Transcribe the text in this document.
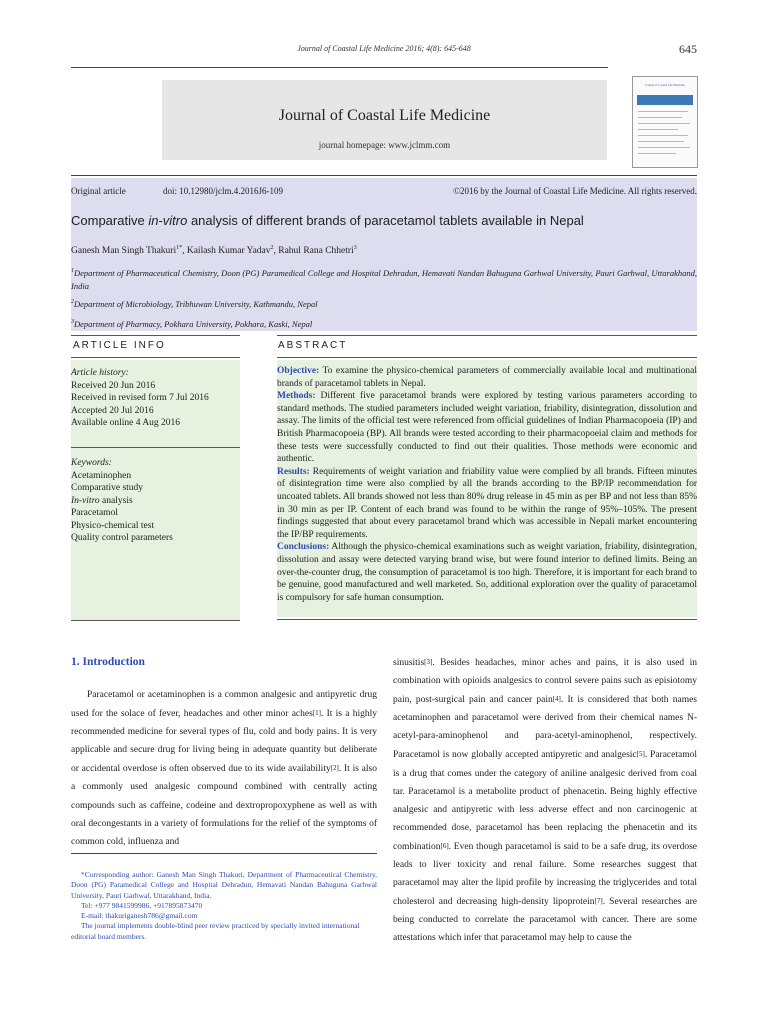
Journal of Coastal Life Medicine 2016; 4(8): 645-648	645
Journal of Coastal Life Medicine
journal homepage: www.jclmm.com
Journal of Coastal Life Medicine
Original article	doi: 10.12980/jclm.4.2016J6-109	©2016 by the Journal of Coastal Life Medicine. All rights reserved.
Comparative in-vitro analysis of different brands of paracetamol tablets available in Nepal
Ganesh Man Singh Thakuri$^{1*}$, Kailash Kumar Yadav$^2$, Rahul Rana Chhetri$^3$
$^1$Department of Pharmaceutical Chemistry, Doon (PG) Paramedical College and Hospital Dehradun, Hemavati Nandan Bahuguna Garhwal University, Pauri Garhwal, Uttarakhand, India
$^2$Department of Microbiology, Tribhuwan University, Kathmandu, Nepal
$^3$Department of Pharmacy, Pokhara University, Pokhara, Kaski, Nepal
ARTICLE INFO	ABSTRACT
Article history:
Received 20 Jun 2016
Received in revised form 7 Jul 2016
Accepted 20 Jul 2016
Available online 4 Aug 2016
Keywords:
Acetaminophen
Comparative study
In-vitro analysis
Paracetamol
Physico-chemical test
Quality control parameters

Objective: To examine the physico-chemical parameters of commercially available local and multinational brands of paracetamol tablets in Nepal.

Methods: Different five paracetamol brands were explored by testing various parameters according to standard methods. The studied parameters included weight variation, friability, disintegration, dissolution and assay. The limits of the official test were referenced from official guidelines of Indian Pharmacopoeia (IP) and British Pharmacopoeia (BP). All brands were tested according to their pharmacopoeial claim and methods for these tests were successfully conducted to find out their qualities. Those methods were economic and authentic.

Results: Requirements of weight variation and friability value were complied by all brands. Fifteen minutes of disintegration time were also complied by all the brands according to the BP/IP recommendation for uncoated tablets. All brands showed not less than 80% drug release in 45 min as per BP and not less than 85% in 30 min as per IP. Content of each brand was found to be within the range of 95%–105%. The present findings suggested that about every paracetamol brand which was accessible in Nepali market encountering the IP/BP requirements.

Conclusions: Although the physico-chemical examinations such as weight variation, friability, disintegration, dissolution and assay were detected varying brand wise, but were found interior to defined limits. Being an over-the-counter drug, the consumption of paracetamol is too high. Therefore, it is important for each brand to be genuine, good manufactured and well marketed. So, additional exploration over the quality of paracetamol is compulsory for safe human consumption.

1. Introduction

Paracetamol or acetaminophen is a common analgesic and antipyretic drug used for the solace of fever, headaches and other minor aches[1]. It is a highly recommended medicine for several types of flu, cold and body pains. It is very applicable and secure drug for living being in adequate quantity but deliberate or accidental overdose is often observed due to its wide availability[2]. It is also a commonly used analgesic compound combined with centrally acting compounds such as caffeine, codeine and dextropropoxyphene as well as with oral decongestants in a variety of formulations for the relief of the symptoms of common cold, influenza and

sinusitis[3]. Besides headaches, minor aches and pains, it is also used in combination with opioids analgesics to control severe pains such as episiotomy pain, post-surgical pain and cancer pain[4]. It is considered that both names acetaminophen and paracetamol were derived from their chemical names N-acetyl-para-aminophenol and para-acetyl-aminophenol, respectively. Paracetamol is now globally accepted antipyretic and analgesic[5]. Paracetamol is a drug that comes under the category of aniline analgesic derived from coal tar. Paracetamol is a metabolite product of phenacetin. Being highly effective analgesic and antipyretic with less adverse effect and non carcinogenic at recommended dose, paracetamol has been replacing the phenacetin and its combination[6]. Even though paracetamol is said to be a safe drug, its overdose leads to liver toxicity and renal failure. Some researches suggest that paracetamol may alter the lipid profile by increasing the triglycerides and total cholesterol and decreasing high-density lipoprotein[7]. Several researches are being conducted to correlate the paracetamol with cancer. There are some attestations which infer that paracetamol may help to cause the

*Corresponding author: Ganesh Man Singh Thakuri, Department of Pharmaceutical Chemistry, Doon (PG) Paramedical College and Hospital Dehradun, Hemavati Nandan Bahuguna Garhwal University, Pauri Garhwal, Uttarakhand, India.

Tel: +977 9841599986, +917895873470

E-mail: thakuriganesh786@gmail.com

The journal implements double-blind peer review practiced by specially invited international editorial board members.
